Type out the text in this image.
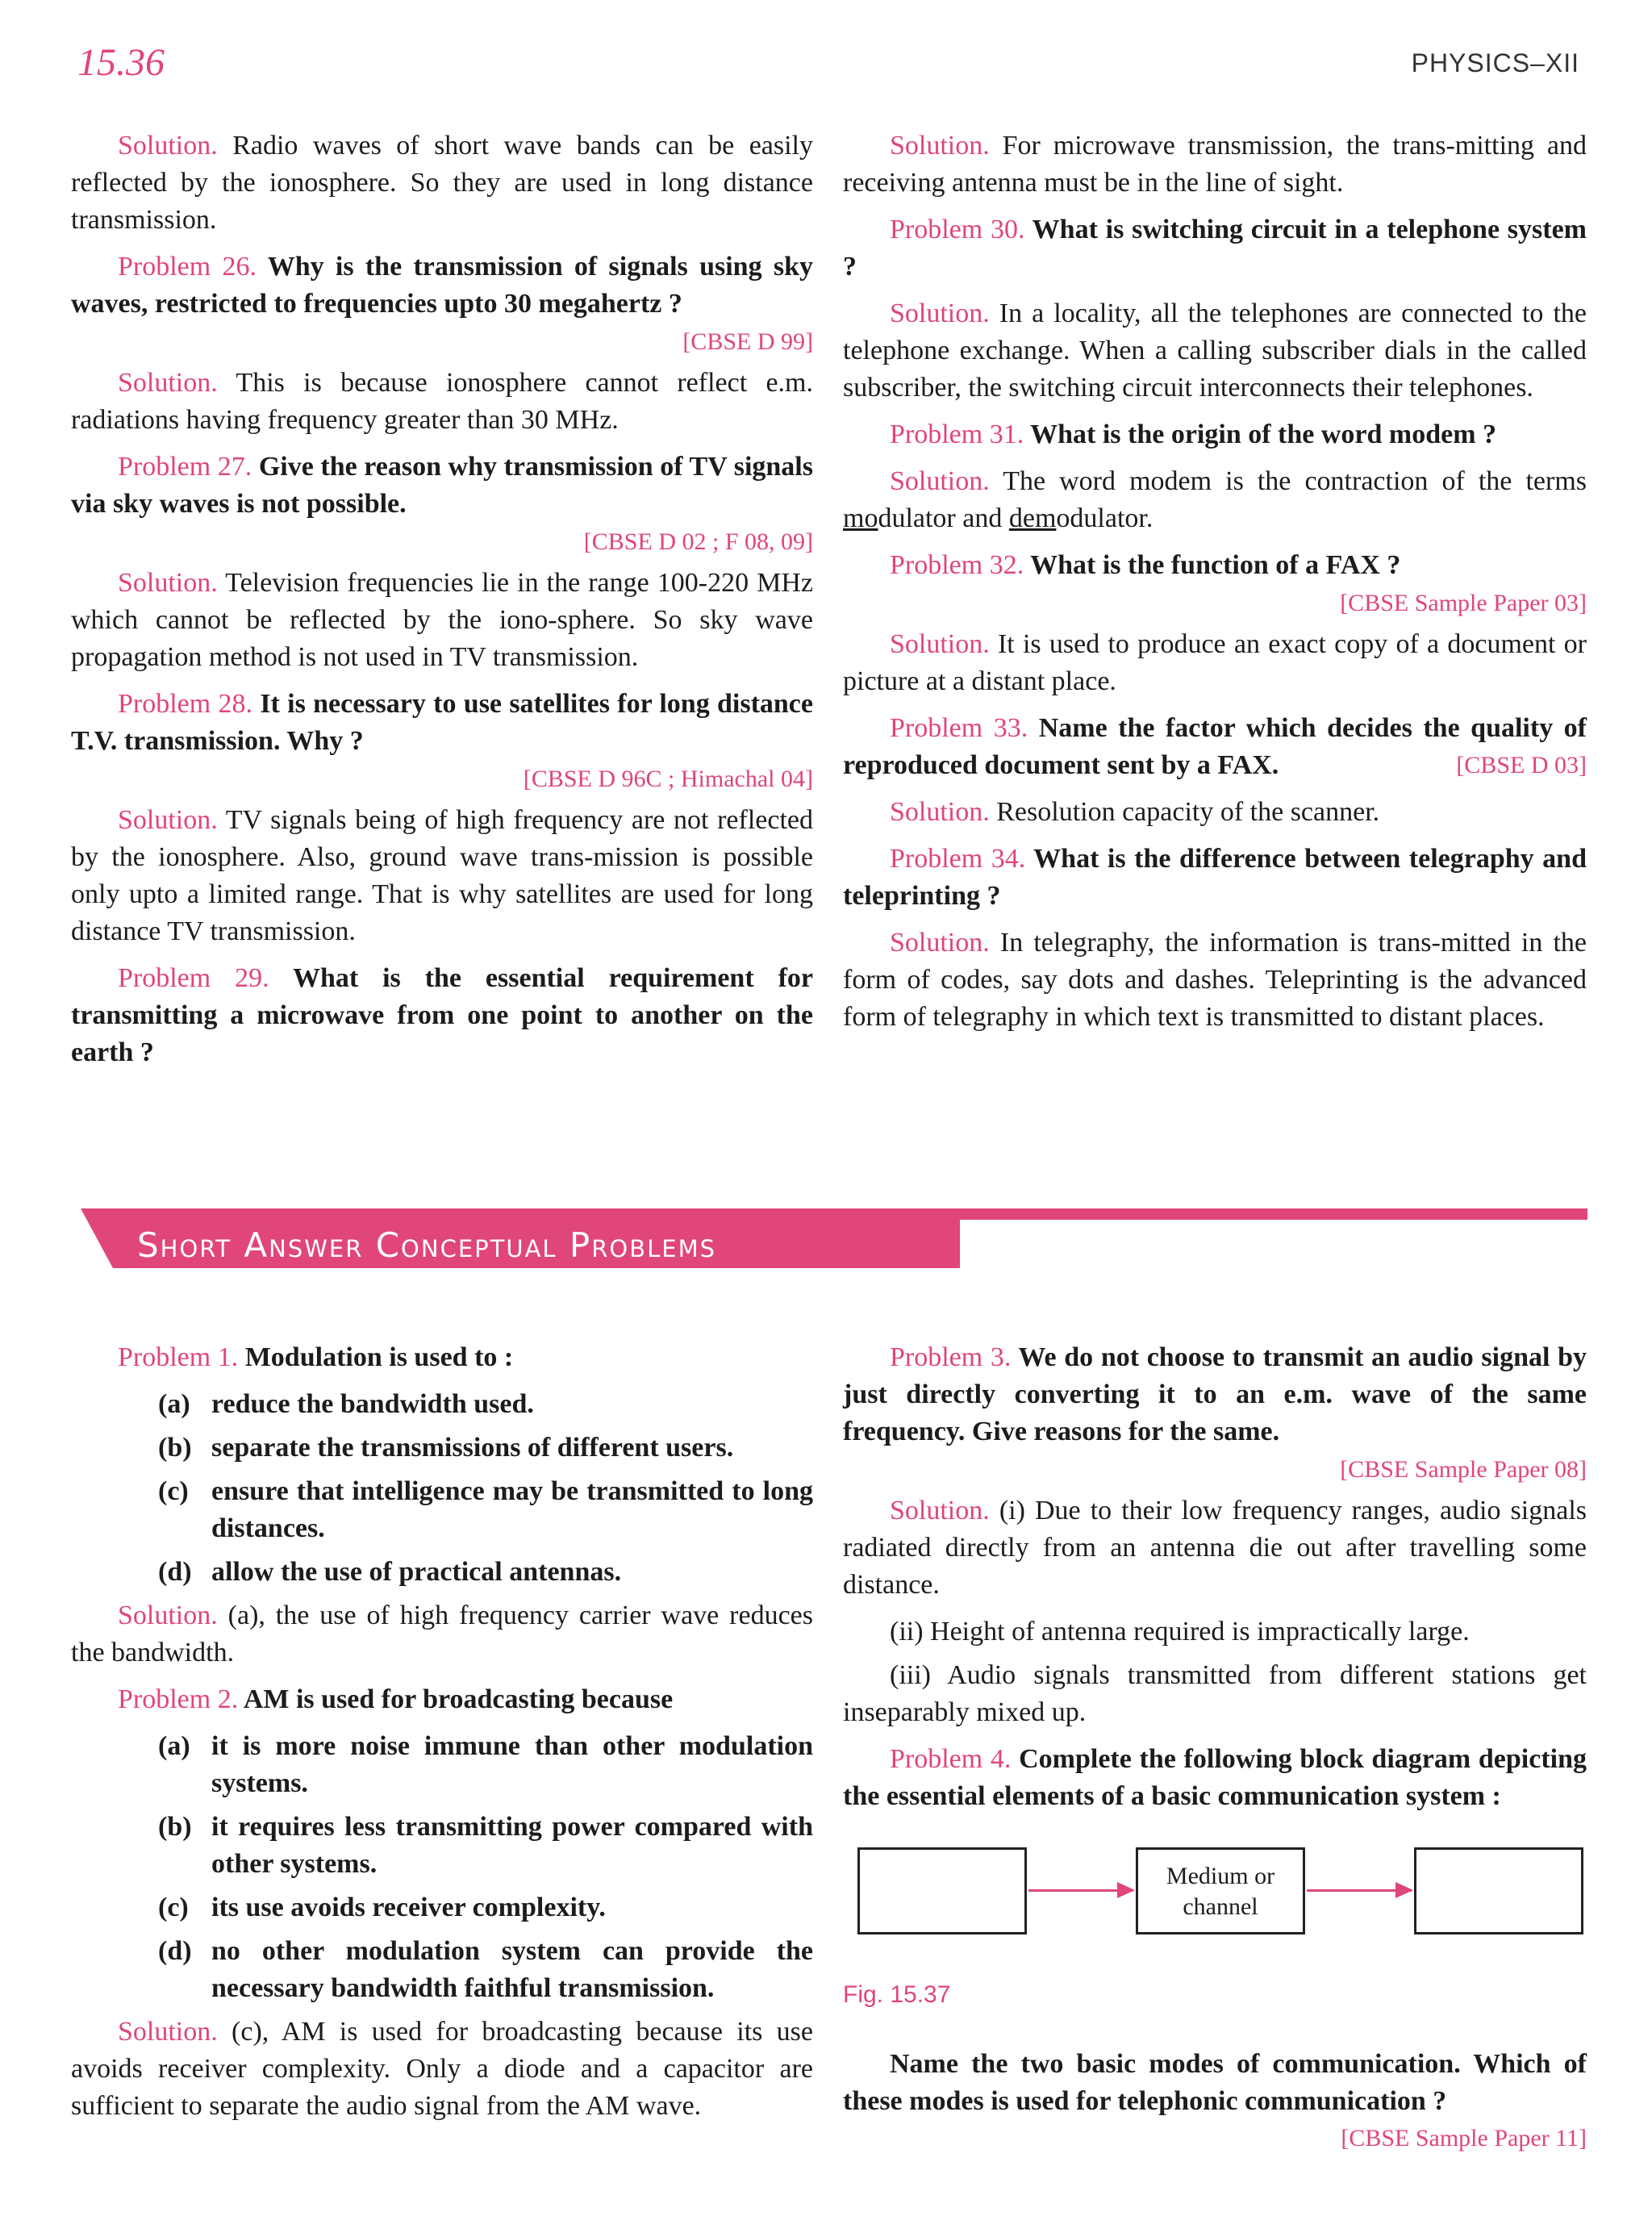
15.36	PHYSICS–XII

Solution. Radio waves of short wave bands can be easily reflected by the ionosphere. So they are used in long distance transmission.

Problem 26. Why is the transmission of signals using sky waves, restricted to frequencies upto 30 megahertz ?

[CBSE D 99]

Solution. This is because ionosphere cannot reflect e.m. radiations having frequency greater than 30 MHz.

Problem 27. Give the reason why transmission of TV signals via sky waves is not possible.

[CBSE D 02 ; F 08, 09]

Solution. Television frequencies lie in the range 100-220 MHz which cannot be reflected by the iono-sphere. So sky wave propagation method is not used in TV transmission.

Problem 28. It is necessary to use satellites for long distance T.V. transmission. Why ?

[CBSE D 96C ; Himachal 04]

Solution. TV signals being of high frequency are not reflected by the ionosphere. Also, ground wave trans-mission is possible only upto a limited range. That is why satellites are used for long distance TV transmission.

Problem 29. What is the essential requirement for transmitting a microwave from one point to another on the earth ?

Solution. For microwave transmission, the trans-mitting and receiving antenna must be in the line of sight.

Problem 30. What is switching circuit in a telephone system ?

Solution. In a locality, all the telephones are connected to the telephone exchange. When a calling subscriber dials in the called subscriber, the switching circuit interconnects their telephones.

Problem 31. What is the origin of the word modem ?

Solution. The word modem is the contraction of the terms modulator and demodulator.

Problem 32. What is the function of a FAX ?

[CBSE Sample Paper 03]

Solution. It is used to produce an exact copy of a document or picture at a distant place.

Problem 33. Name the factor which decides the quality of reproduced document sent by a FAX.	[CBSE D 03]

Solution. Resolution capacity of the scanner.

Problem 34. What is the difference between telegraphy and teleprinting ?

Solution. In telegraphy, the information is trans-mitted in the form of codes, say dots and dashes. Teleprinting is the advanced form of telegraphy in which text is transmitted to distant places.

Short Answer Conceptual Problems

Problem 1. Modulation is used to :

(a) reduce the bandwidth used.
(b) separate the transmissions of different users.
(c) ensure that intelligence may be transmitted to long distances.
(d) allow the use of practical antennas.

Solution. (a), the use of high frequency carrier wave reduces the bandwidth.

Problem 2. AM is used for broadcasting because

(a) it is more noise immune than other modulation systems.
(b) it requires less transmitting power compared with other systems.
(c) its use avoids receiver complexity.
(d) no other modulation system can provide the necessary bandwidth faithful transmission.

Solution. (c), AM is used for broadcasting because its use avoids receiver complexity. Only a diode and a capacitor are sufficient to separate the audio signal from the AM wave.

Problem 3. We do not choose to transmit an audio signal by just directly converting it to an e.m. wave of the same frequency. Give reasons for the same.

[CBSE Sample Paper 08]

Solution. (i) Due to their low frequency ranges, audio signals radiated directly from an antenna die out after travelling some distance.

(ii) Height of antenna required is impractically large.

(iii) Audio signals transmitted from different stations get inseparably mixed up.

Problem 4. Complete the following block diagram depicting the essential elements of a basic communication system :

Medium or channel
Fig. 15.37

Name the two basic modes of communication. Which of these modes is used for telephonic communication ?
[CBSE Sample Paper 11]
